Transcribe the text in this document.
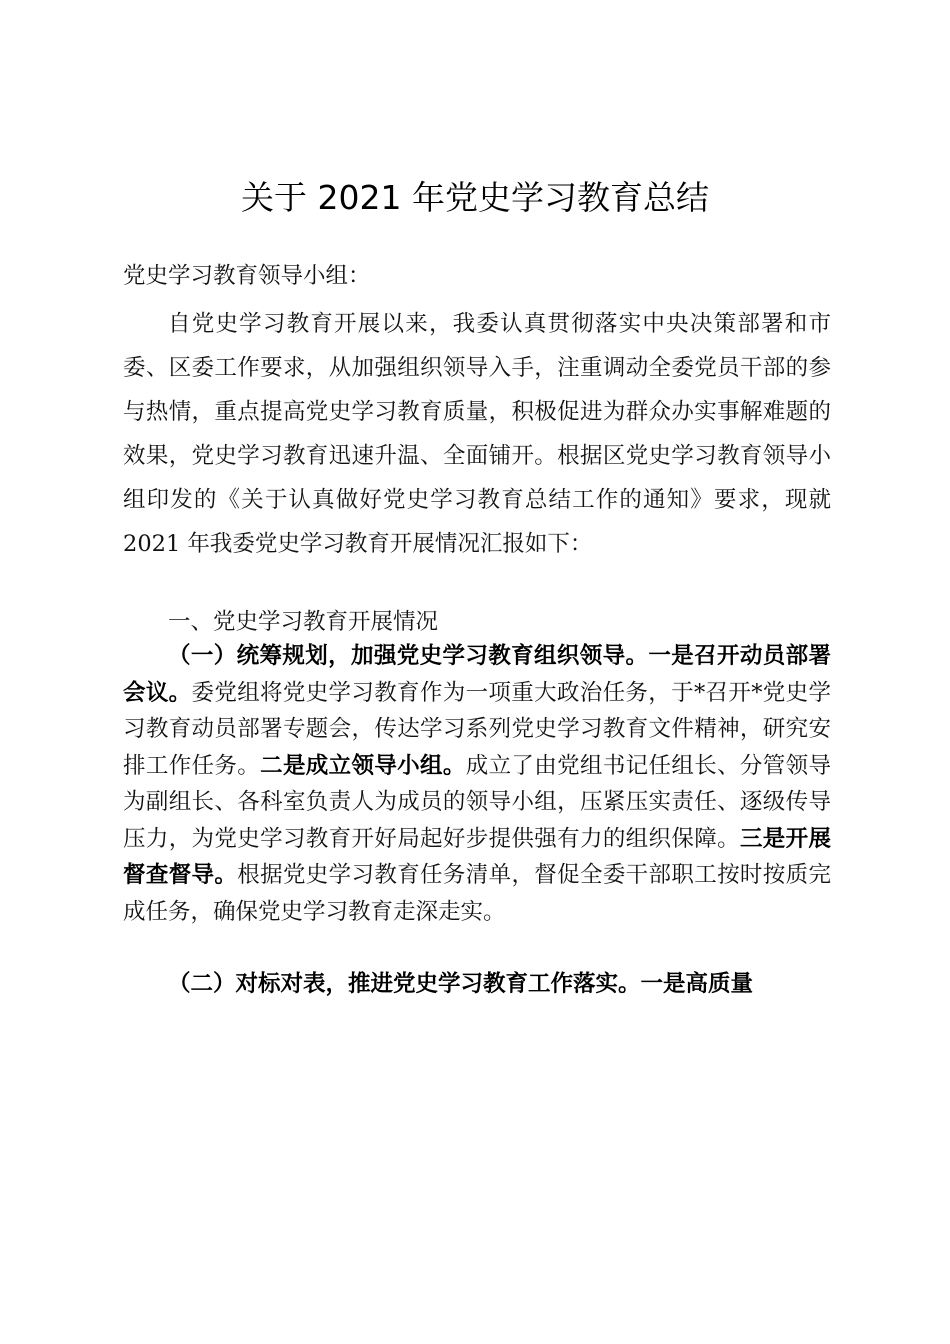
关于 2021 年党史学习教育总结

党史学习教育领导小组：

自党史学习教育开展以来，我委认真贯彻落实中央决策部署和市委、区委工作要求，从加强组织领导入手，注重调动全委党员干部的参与热情，重点提高党史学习教育质量，积极促进为群众办实事解难题的效果，党史学习教育迅速升温、全面铺开。根据区党史学习教育领导小组印发的《关于认真做好党史学习教育总结工作的通知》要求，现就 2021 年我委党史学习教育开展情况汇报如下：

一、党史学习教育开展情况

（一）统筹规划，加强党史学习教育组织领导。一是召开动员部署会议。委党组将党史学习教育作为一项重大政治任务，于*召开*党史学习教育动员部署专题会，传达学习系列党史学习教育文件精神，研究安排工作任务。二是成立领导小组。成立了由党组书记任组长、分管领导为副组长、各科室负责人为成员的领导小组，压紧压实责任、逐级传导压力，为党史学习教育开好局起好步提供强有力的组织保障。三是开展督查督导。根据党史学习教育任务清单，督促全委干部职工按时按质完成任务，确保党史学习教育走深走实。

（二）对标对表，推进党史学习教育工作落实。一是高质量
